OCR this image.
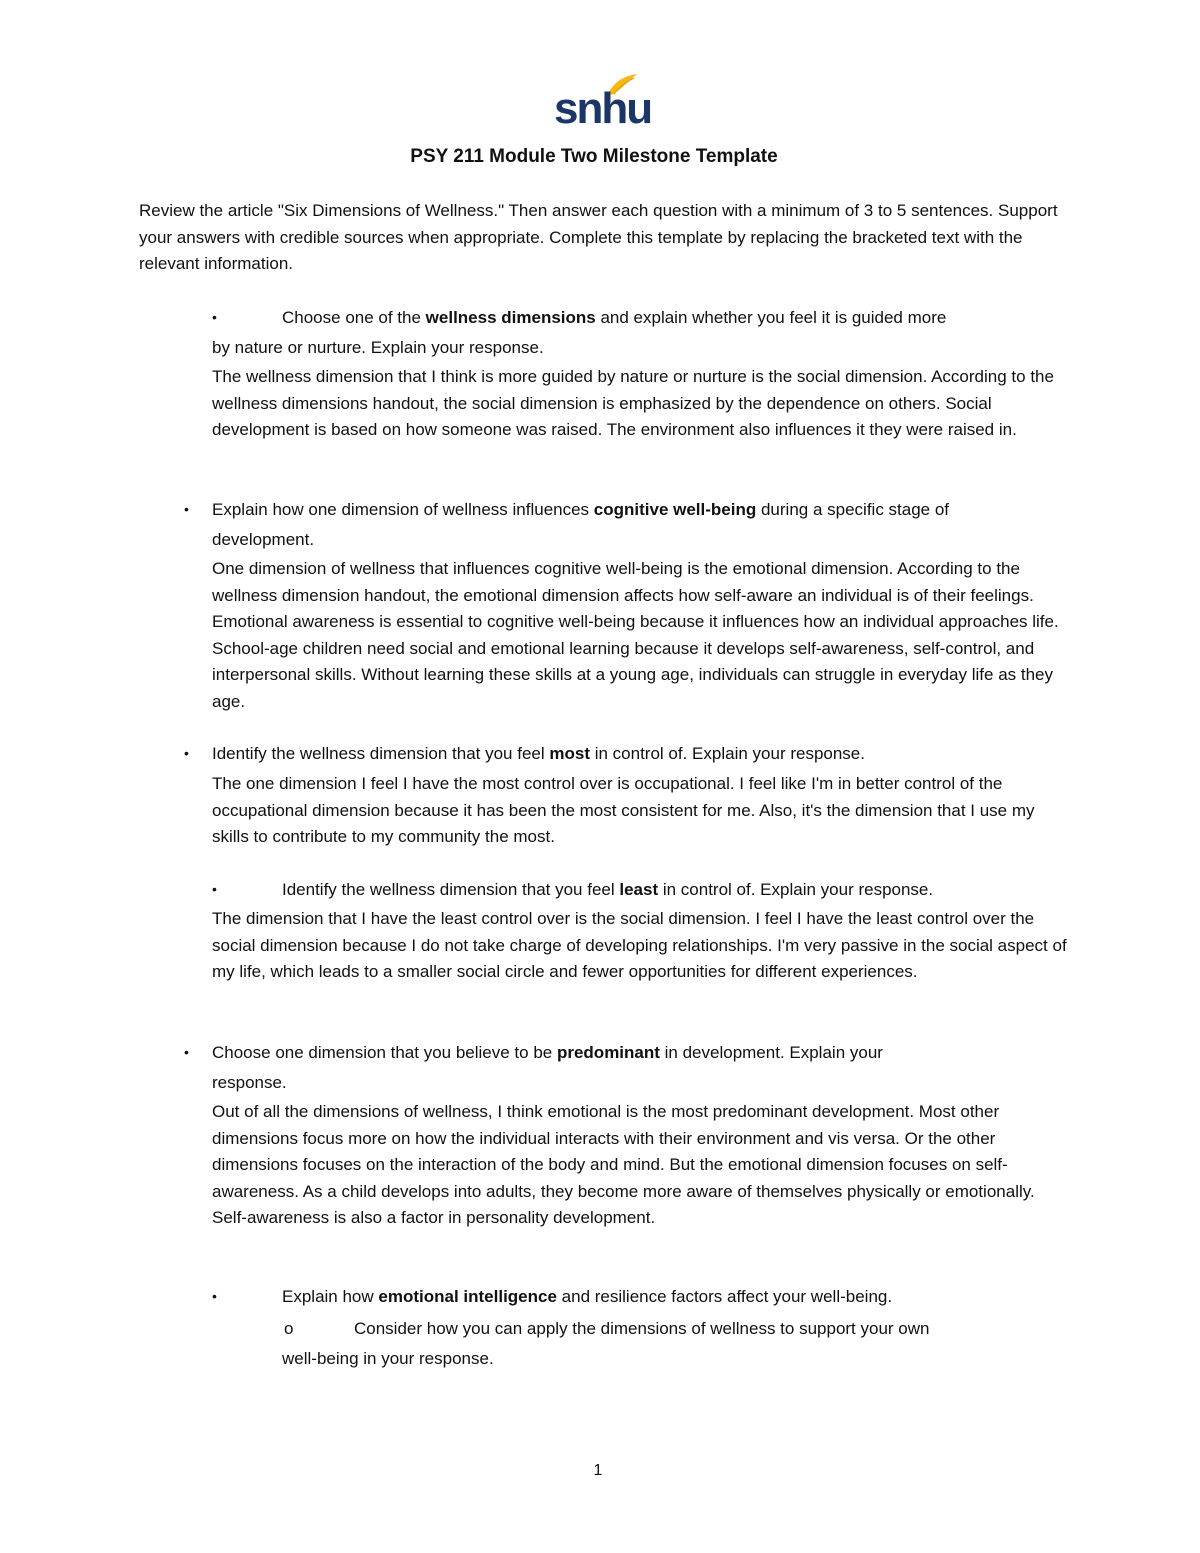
snhu
PSY 211 Module Two Milestone Template
Review the article "Six Dimensions of Wellness." Then answer each question with a minimum of 3 to 5 sentences. Support your answers with credible sources when appropriate. Complete this template by replacing the bracketed text with the relevant information.
•	Choose one of the wellness dimensions and explain whether you feel it is guided more
by nature or nurture. Explain your response.
The wellness dimension that I think is more guided by nature or nurture is the social dimension. According to the wellness dimensions handout, the social dimension is emphasized by the dependence on others. Social development is based on how someone was raised. The environment also influences it they were raised in.
• Explain how one dimension of wellness influences cognitive well-being during a specific stage of
development.
One dimension of wellness that influences cognitive well-being is the emotional dimension. According to the wellness dimension handout, the emotional dimension affects how self-aware an individual is of their feelings. Emotional awareness is essential to cognitive well-being because it influences how an individual approaches life. School-age children need social and emotional learning because it develops self-awareness, self-control, and interpersonal skills. Without learning these skills at a young age, individuals can struggle in everyday life as they age.
• Identify the wellness dimension that you feel most in control of. Explain your response.
The one dimension I feel I have the most control over is occupational. I feel like I'm in better control of the occupational dimension because it has been the most consistent for me. Also, it's the dimension that I use my skills to contribute to my community the most.
•	Identify the wellness dimension that you feel least in control of. Explain your response.
The dimension that I have the least control over is the social dimension. I feel I have the least control over the social dimension because I do not take charge of developing relationships. I'm very passive in the social aspect of my life, which leads to a smaller social circle and fewer opportunities for different experiences.
• Choose one dimension that you believe to be predominant in development. Explain your
response.
Out of all the dimensions of wellness, I think emotional is the most predominant development. Most other dimensions focus more on how the individual interacts with their environment and vis versa. Or the other dimensions focuses on the interaction of the body and mind. But the emotional dimension focuses on self-awareness. As a child develops into adults, they become more aware of themselves physically or emotionally. Self-awareness is also a factor in personality development.
•	Explain how emotional intelligence and resilience factors affect your well-being.
o	Consider how you can apply the dimensions of wellness to support your own
well-being in your response.
1
